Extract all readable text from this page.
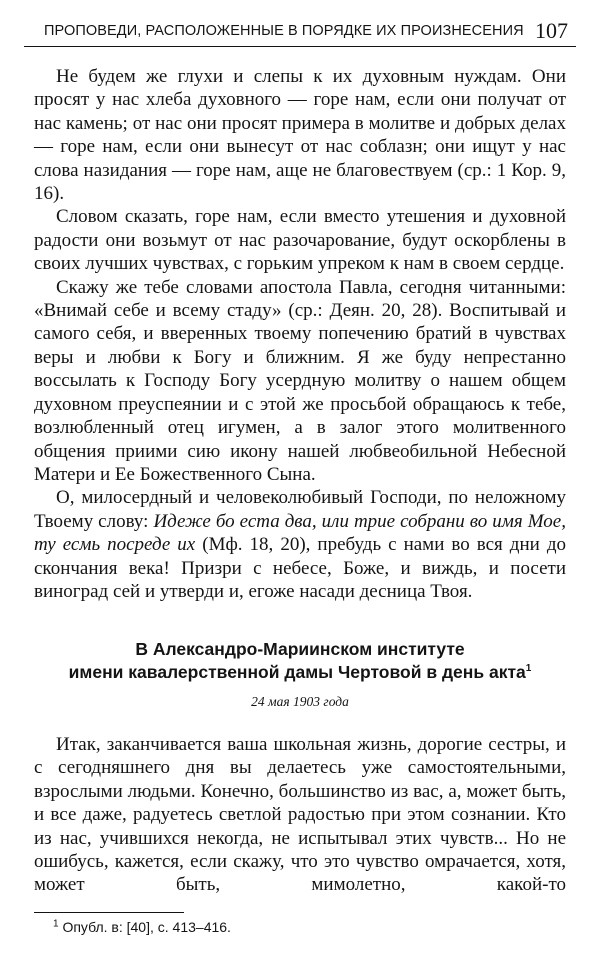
ПРОПОВЕДИ, РАСПОЛОЖЕННЫЕ В ПОРЯДКЕ ИХ ПРОИЗНЕСЕНИЯ 107

Не будем же глухи и слепы к их духовным нуждам. Они просят у нас хлеба духовного — горе нам, если они получат от нас камень; от нас они просят примера в молитве и добрых делах — горе нам, если они вынесут от нас соблазн; они ищут у нас слова назидания — горе нам, аще не благовествуем (ср.: 1 Кор. 9, 16).

Словом сказать, горе нам, если вместо утешения и духовной радости они возьмут от нас разочарование, будут оскорблены в своих лучших чувствах, с горьким упреком к нам в своем сердце.

Скажу же тебе словами апостола Павла, сегодня читанными: «Внимай себе и всему стаду» (ср.: Деян. 20, 28). Воспитывай и самого себя, и вверенных твоему попечению братий в чувствах веры и любви к Богу и ближним. Я же буду непрестанно воссылать к Господу Богу усердную молитву о нашем общем духовном преуспеянии и с этой же просьбой обращаюсь к тебе, возлюбленный отец игумен, а в залог этого молитвенного общения приими сию икону нашей любвеобильной Небесной Матери и Ее Божественного Сына.

О, милосердный и человеколюбивый Господи, по неложному Твоему слову: Идеже бо еста два, или трие собрани во имя Мое, ту есмь посреде их (Мф. 18, 20), пребудь с нами во вся дни до скончания века! Призри с небесе, Боже, и виждь, и посети виноград сей и утверди и, егоже насади десница Твоя.

В Александро-Мариинском институте
имени кавалерственной дамы Чертовой в день акта$^1$
24 мая 1903 года

Итак, заканчивается ваша школьная жизнь, дорогие сестры, и с сегодняшнего дня вы делаетесь уже самостоятельными, взрослыми людьми. Конечно, большинство из вас, а, может быть, и все даже, радуетесь светлой радостью при этом сознании. Кто из нас, учившихся некогда, не испытывал этих чувств... Но не ошибусь, кажется, если скажу, что это чувство омрачается, хотя, может быть, мимолетно, какой-то

$^1$ Опубл. в: [40], с. 413–416.
